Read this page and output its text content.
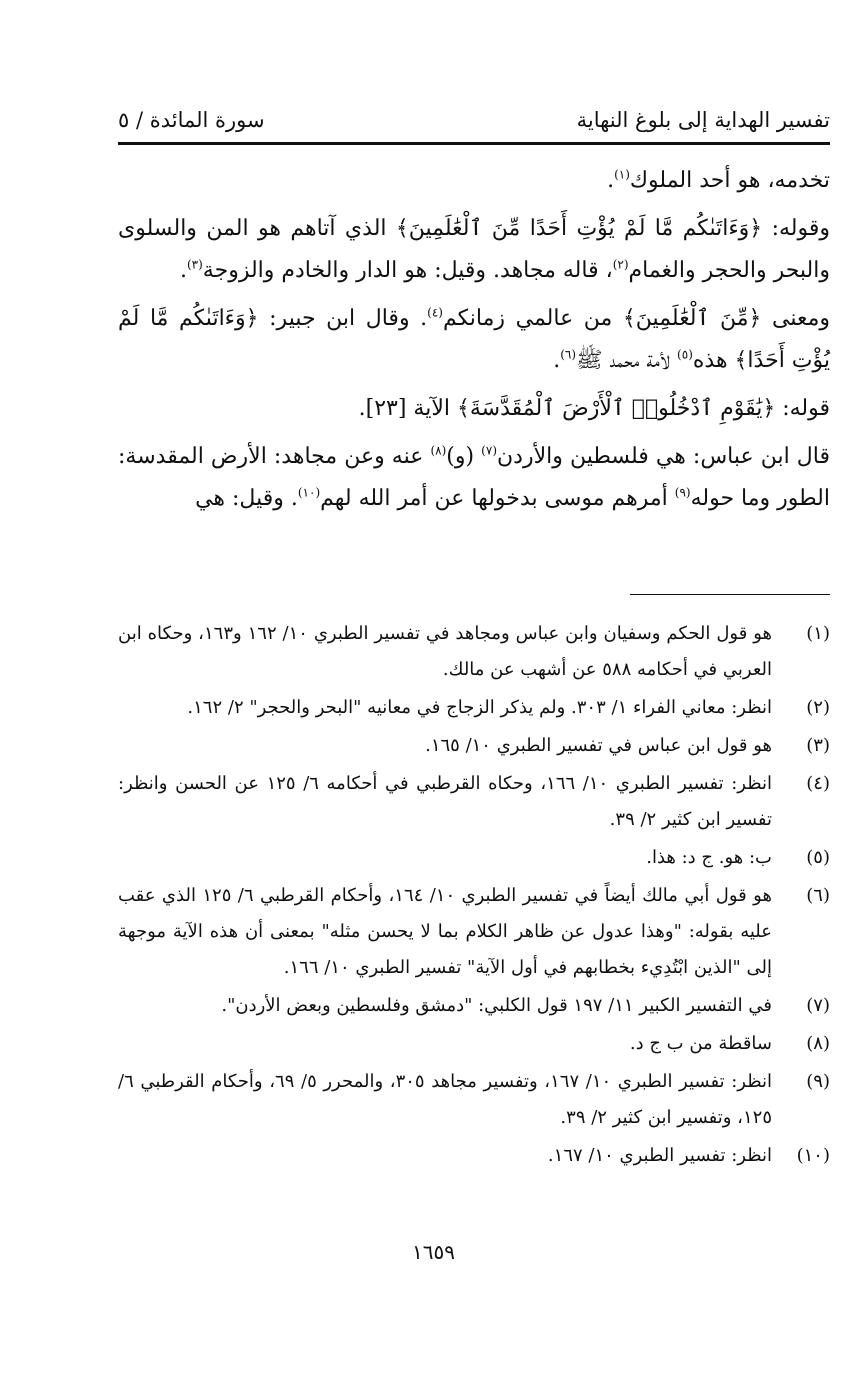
تفسير الهداية إلى بلوغ النهاية
سورة المائدة / ٥

تخدمه، هو أحد الملوك$^{(١)}$.

وقوله: ﴿وَءَاتَىٰكُم مَّا لَمْ يُؤْتِ أَحَدًا مِّنَ ٱلْعَٰلَمِينَ﴾ الذي آتاهم هو المن والسلوى والبحر والحجر والغمام$^{(٢)}$، قاله مجاهد. وقيل: هو الدار والخادم والزوجة$^{(٣)}$.

ومعنى ﴿مِّنَ ٱلْعَٰلَمِينَ﴾ من عالمي زمانكم$^{(٤)}$. وقال ابن جبير: ﴿وَءَاتَىٰكُم مَّا لَمْ يُؤْتِ أَحَدًا﴾ هذه$^{(٥)}$ لأمة محمد ﷺ$^{(٦)}$.

قوله: ﴿يَٰقَوْمِ ٱدْخُلُوا۟ ٱلْأَرْضَ ٱلْمُقَدَّسَةَ﴾ الآية [٢٣].

قال ابن عباس: هي فلسطين والأردن$^{(٧)}$ (و)$^{(٨)}$ عنه وعن مجاهد: الأرض المقدسة: الطور وما حوله$^{(٩)}$ أمرهم موسى بدخولها عن أمر الله لهم$^{(١٠)}$. وقيل: هي

(١)
هو قول الحكم وسفيان وابن عباس ومجاهد في تفسير الطبري ١٠/ ١٦٢ و١٦٣، وحكاه ابن العربي في أحكامه ٥٨٨ عن أشهب عن مالك.
(٢)
انظر: معاني الفراء ١/ ٣٠٣. ولم يذكر الزجاج في معانيه "البحر والحجر" ٢/ ١٦٢.
(٣)
هو قول ابن عباس في تفسير الطبري ١٠/ ١٦٥.
(٤)
انظر: تفسير الطبري ١٠/ ١٦٦، وحكاه القرطبي في أحكامه ٦/ ١٢٥ عن الحسن وانظر: تفسير ابن كثير ٢/ ٣٩.
(٥)
ب: هو. ج د: هذا.
(٦)
هو قول أبي مالك أيضاً في تفسير الطبري ١٠/ ١٦٤، وأحكام القرطبي ٦/ ١٢٥ الذي عقب عليه بقوله: "وهذا عدول عن ظاهر الكلام بما لا يحسن مثله" بمعنى أن هذه الآية موجهة إلى "الذين ابْتُدِيء بخطابهم في أول الآية" تفسير الطبري ١٠/ ١٦٦.
(٧)
في التفسير الكبير ١١/ ١٩٧ قول الكلبي: "دمشق وفلسطين وبعض الأردن".
(٨)
ساقطة من ب ج د.
(٩)
انظر: تفسير الطبري ١٠/ ١٦٧، وتفسير مجاهد ٣٠٥، والمحرر ٥/ ٦٩، وأحكام القرطبي ٦/ ١٢٥، وتفسير ابن كثير ٢/ ٣٩.
(١٠)
انظر: تفسير الطبري ١٠/ ١٦٧.
١٦٥٩
